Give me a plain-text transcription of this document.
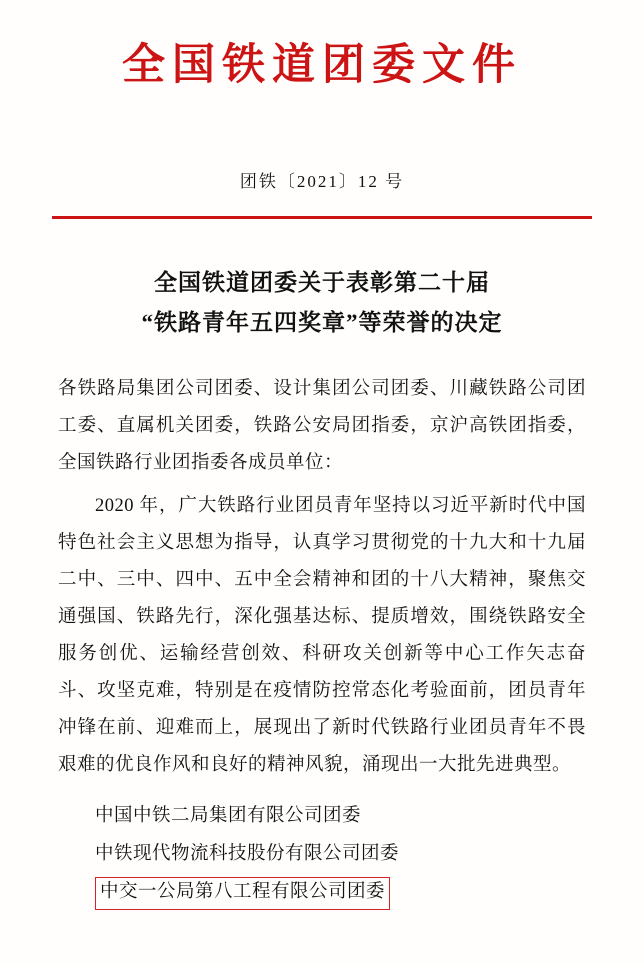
全国铁道团委文件
团铁〔2021〕12 号
全国铁道团委关于表彰第二十届
“铁路青年五四奖章”等荣誉的决定

各铁路局集团公司团委、设计集团公司团委、川藏铁路公司团工委、直属机关团委，铁路公安局团指委，京沪高铁团指委，全国铁路行业团指委各成员单位：

2020 年，广大铁路行业团员青年坚持以习近平新时代中国特色社会主义思想为指导，认真学习贯彻党的十九大和十九届二中、三中、四中、五中全会精神和团的十八大精神，聚焦交通强国、铁路先行，深化强基达标、提质增效，围绕铁路安全服务创优、运输经营创效、科研攻关创新等中心工作矢志奋斗、攻坚克难，特别是在疫情防控常态化考验面前，团员青年冲锋在前、迎难而上，展现出了新时代铁路行业团员青年不畏艰难的优良作风和良好的精神风貌，涌现出一大批先进典型。

中国中铁二局集团有限公司团委
中铁现代物流科技股份有限公司团委
中交一公局第八工程有限公司团委
